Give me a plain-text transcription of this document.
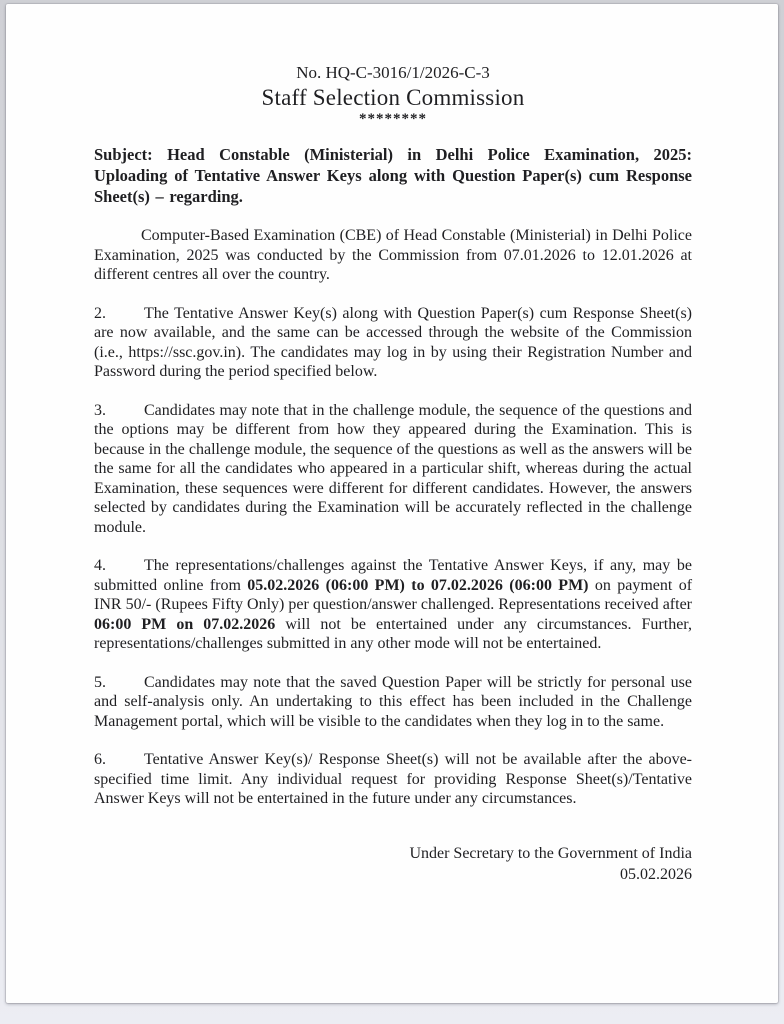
No. HQ-C-3016/1/2026-C-3
Staff Selection Commission
********
Subject: Head Constable (Ministerial) in Delhi Police Examination, 2025: Uploading of Tentative Answer Keys along with Question Paper(s) cum Response Sheet(s) – regarding.

Computer-Based Examination (CBE) of Head Constable (Ministerial) in Delhi Police Examination, 2025 was conducted by the Commission from 07.01.2026 to 12.01.2026 at different centres all over the country.

2. The Tentative Answer Key(s) along with Question Paper(s) cum Response Sheet(s) are now available, and the same can be accessed through the website of the Commission (i.e., https://ssc.gov.in). The candidates may log in by using their Registration Number and Password during the period specified below.

3. Candidates may note that in the challenge module, the sequence of the questions and the options may be different from how they appeared during the Examination. This is because in the challenge module, the sequence of the questions as well as the answers will be the same for all the candidates who appeared in a particular shift, whereas during the actual Examination, these sequences were different for different candidates. However, the answers selected by candidates during the Examination will be accurately reflected in the challenge module.

4. The representations/challenges against the Tentative Answer Keys, if any, may be submitted online from 05.02.2026 (06:00 PM) to 07.02.2026 (06:00 PM) on payment of INR 50/- (Rupees Fifty Only) per question/answer challenged. Representations received after 06:00 PM on 07.02.2026 will not be entertained under any circumstances. Further, representations/challenges submitted in any other mode will not be entertained.

5. Candidates may note that the saved Question Paper will be strictly for personal use and self-analysis only. An undertaking to this effect has been included in the Challenge Management portal, which will be visible to the candidates when they log in to the same.

6. Tentative Answer Key(s)/ Response Sheet(s) will not be available after the above-specified time limit. Any individual request for providing Response Sheet(s)/Tentative Answer Keys will not be entertained in the future under any circumstances.

Under Secretary to the Government of India
05.02.2026
